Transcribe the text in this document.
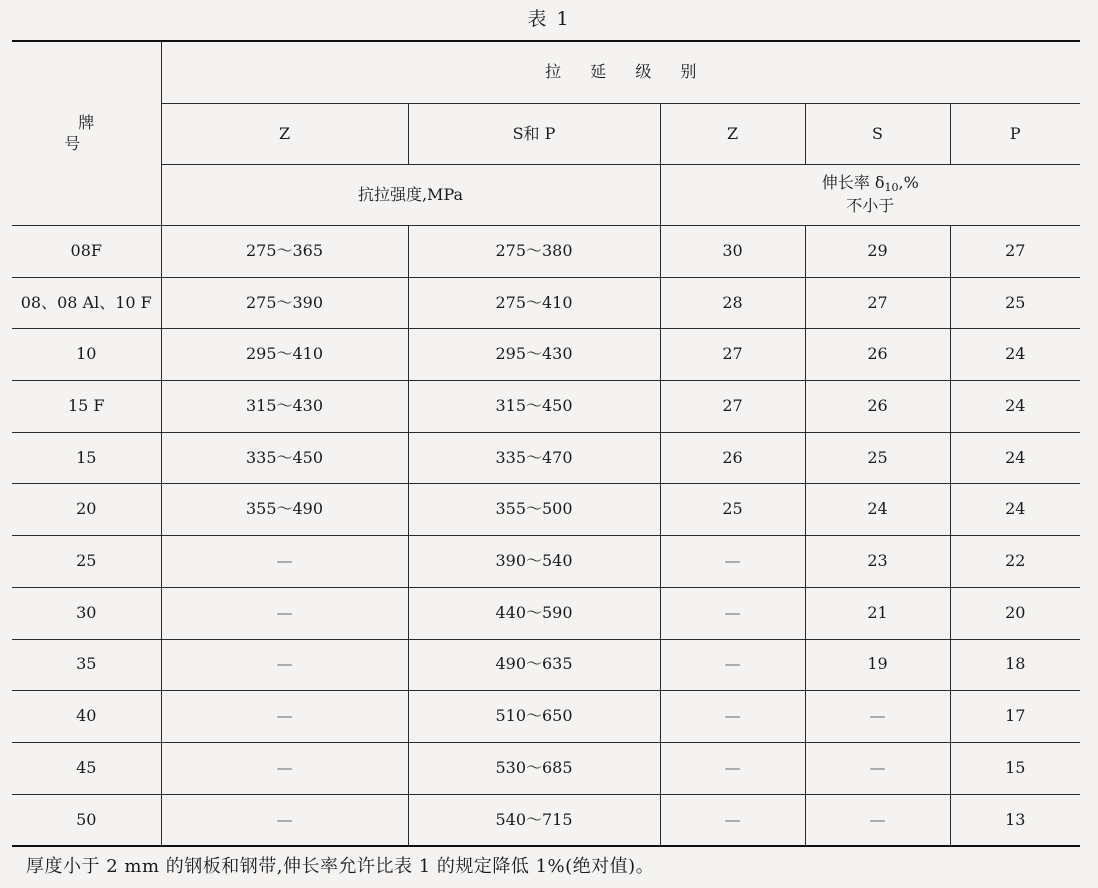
表 1
牌 号	拉 延 级 别				
	Z	S和 P	Z	S	P
	抗拉强度,MPa		伸长率 $\delta_{10},\%$
不小于		

08F	275～365	275～380	30	29	27
08、08 Al、10 F	275～390	275～410	28	27	25
10	295～410	295～430	27	26	24
15 F	315～430	315～450	27	26	24
15	335～450	335～470	26	25	24
20	355～490	355～500	25	24	24
25	—	390～540	—	23	22
30	—	440～590	—	21	20
35	—	490～635	—	19	18
40	—	510～650	—	—	17
45	—	530～685	—	—	15
50	—	540～715	—	—	13
厚度小于 2 mm 的钢板和钢带,伸长率允许比表 1 的规定降低 1%(绝对值)。
